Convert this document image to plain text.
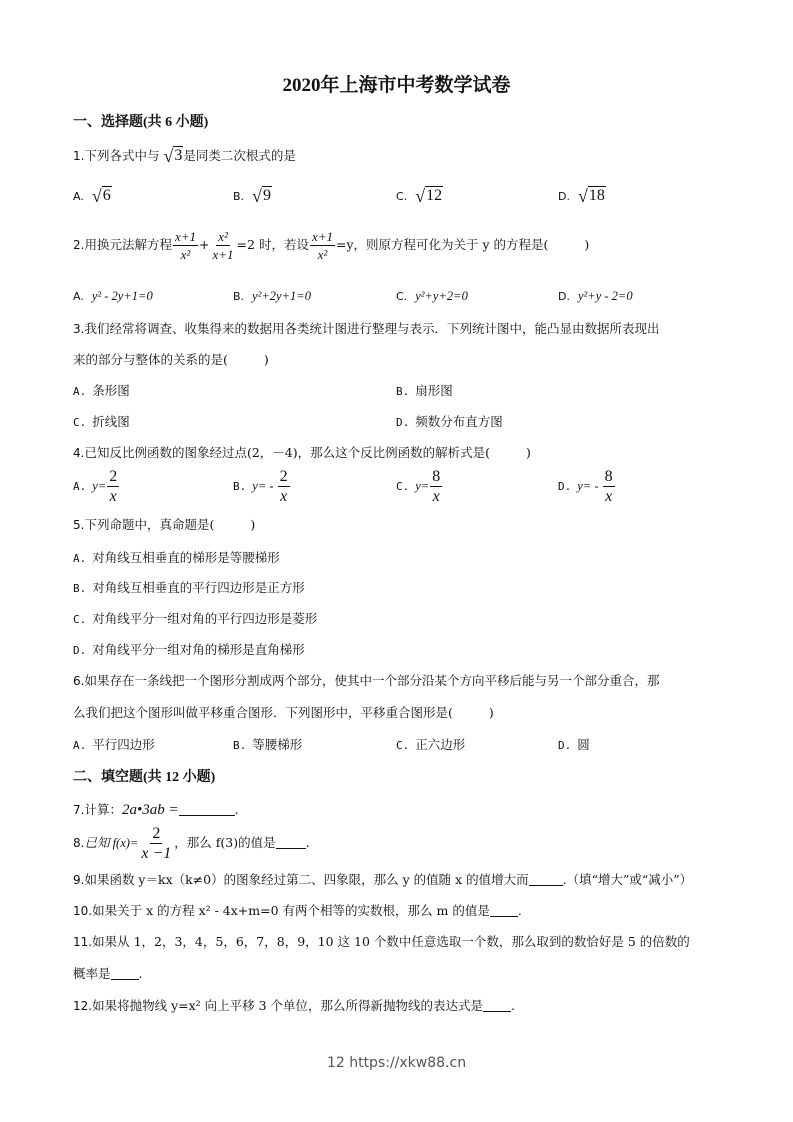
2020年上海市中考数学试卷
一、选择题(共 6 小题)
1.下列各式中与 √3是同类二次根式的是
A. √6	B. √9	C. √12	D. √18
2.用换元法解方程 $\frac{x+1}{\text{x²}} + \frac{\text{x²}}{x+1} =2$ 时，若设 $\frac{x+1}{\text{x²}} =y$，则原方程可化为关于 y 的方程是(	)
A. y² - 2y+1=0	B. y²+2y+1=0	C. y²+y+2=0	D. y²+y - 2=0
3.我们经常将调查、收集得来的数据用各类统计图进行整理与表示．下列统计图中，能凸显由数据所表现出
来的部分与整体的关系的是(	)
A. 条形图	B. 扇形图
C. 折线图	D. 频数分布直方图
4.已知反比例函数的图象经过点(2，－4)，那么这个反比例函数的解析式是(	)
A. $y= \frac{2}{x}$	B. $y= - \frac{2}{x}$	C. $y= \frac{8}{x}$	D. $y= - \frac{8}{x}$
5.下列命题中，真命题是(	)
A. 对角线互相垂直的梯形是等腰梯形
B. 对角线互相垂直的平行四边形是正方形
C. 对角线平分一组对角的平行四边形是菱形
D. 对角线平分一组对角的梯形是直角梯形
6.如果存在一条线把一个图形分割成两个部分，使其中一个部分沿某个方向平移后能与另一个部分重合，那
么我们把这个图形叫做平移重合图形．下列图形中，平移重合图形是(	)
A. 平行四边形	B. 等腰梯形	C. 正六边形	D. 圆
二、填空题(共 12 小题)
7.计算：2a•3ab =	.
8.已知 $f(x)= \frac{2}{x -1}$ ，那么 f(3)的值是 .
9.如果函数 y＝kx（k≠0）的图象经过第二、四象限，那么 y 的值随 x 的值增大而	.（填“增大”或“减小”）
10.如果关于 x 的方程 x² - 4x+m=0 有两个相等的实数根，那么 m 的值是 .
11.如果从 1，2，3，4，5，6，7，8，9，10 这 10 个数中任意选取一个数，那么取到的数恰好是 5 的倍数的
概率是 .
12.如果将抛物线 y=x² 向上平移 3 个单位，那么所得新抛物线的表达式是 .
12 https://xkw88.cn
